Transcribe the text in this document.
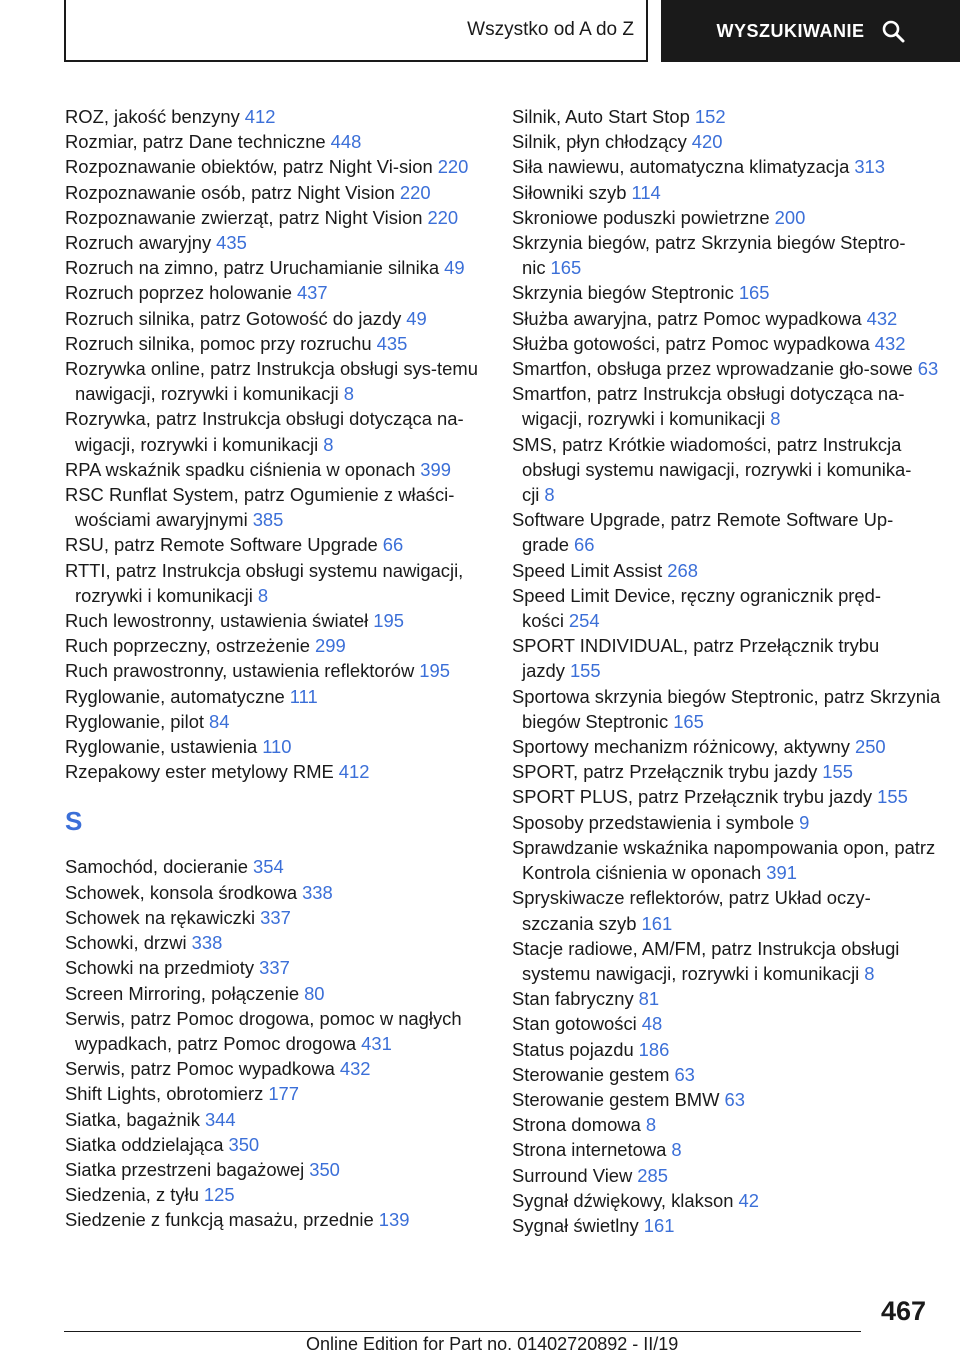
Wszystko od A do Z	WYSZUKIWANIE

ROZ, jakość benzyny 412

Rozmiar, patrz Dane techniczne 448

Rozpoznawanie obiektów, patrz Night Vi-sion 220

Rozpoznawanie osób, patrz Night Vision 220

Rozpoznawanie zwierząt, patrz Night Vision 220

Rozruch awaryjny 435

Rozruch na zimno, patrz Uruchamianie silnika 49

Rozruch poprzez holowanie 437

Rozruch silnika, patrz Gotowość do jazdy 49

Rozruch silnika, pomoc przy rozruchu 435

Rozrywka online, patrz Instrukcja obsługi sys-temu nawigacji, rozrywki i komunikacji 8

Rozrywka, patrz Instrukcja obsługi dotycząca na-wigacji, rozrywki i komunikacji 8

RPA wskaźnik spadku ciśnienia w oponach 399

RSC Runflat System, patrz Ogumienie z właści-wościami awaryjnymi 385

RSU, patrz Remote Software Upgrade 66

RTTI, patrz Instrukcja obsługi systemu nawigacji, rozrywki i komunikacji 8

Ruch lewostronny, ustawienia świateł 195

Ruch poprzeczny, ostrzeżenie 299

Ruch prawostronny, ustawienia reflektorów 195

Ryglowanie, automatyczne 111

Ryglowanie, pilot 84

Ryglowanie, ustawienia 110

Rzepakowy ester metylowy RME 412

S

Samochód, docieranie 354

Schowek, konsola środkowa 338

Schowek na rękawiczki 337

Schowki, drzwi 338

Schowki na przedmioty 337

Screen Mirroring, połączenie 80

Serwis, patrz Pomoc drogowa, pomoc w nagłych wypadkach, patrz Pomoc drogowa 431

Serwis, patrz Pomoc wypadkowa 432

Shift Lights, obrotomierz 177

Siatka, bagażnik 344

Siatka oddzielająca 350

Siatka przestrzeni bagażowej 350

Siedzenia, z tyłu 125

Siedzenie z funkcją masażu, przednie 139

Silnik, Auto Start Stop 152

Silnik, płyn chłodzący 420

Siła nawiewu, automatyczna klimatyzacja 313

Siłowniki szyb 114

Skroniowe poduszki powietrzne 200

Skrzynia biegów, patrz Skrzynia biegów Steptro-nic 165

Skrzynia biegów Steptronic 165

Służba awaryjna, patrz Pomoc wypadkowa 432

Służba gotowości, patrz Pomoc wypadkowa 432

Smartfon, obsługa przez wprowadzanie gło-sowe 63

Smartfon, patrz Instrukcja obsługi dotycząca na-wigacji, rozrywki i komunikacji 8

SMS, patrz Krótkie wiadomości, patrz Instrukcja obsługi systemu nawigacji, rozrywki i komunika-cji 8

Software Upgrade, patrz Remote Software Up-grade 66

Speed Limit Assist 268

Speed Limit Device, ręczny ogranicznik pręd-kości 254

SPORT INDIVIDUAL, patrz Przełącznik trybu jazdy 155

Sportowa skrzynia biegów Steptronic, patrz Skrzynia biegów Steptronic 165

Sportowy mechanizm różnicowy, aktywny 250

SPORT, patrz Przełącznik trybu jazdy 155

SPORT PLUS, patrz Przełącznik trybu jazdy 155

Sposoby przedstawienia i symbole 9

Sprawdzanie wskaźnika napompowania opon, patrz Kontrola ciśnienia w oponach 391

Spryskiwacze reflektorów, patrz Układ oczy-szczania szyb 161

Stacje radiowe, AM/FM, patrz Instrukcja obsługi systemu nawigacji, rozrywki i komunikacji 8

Stan fabryczny 81

Stan gotowości 48

Status pojazdu 186

Sterowanie gestem 63

Sterowanie gestem BMW 63

Strona domowa 8

Strona internetowa 8

Surround View 285

Sygnał dźwiękowy, klakson 42

Sygnał świetlny 161

467
Online Edition for Part no. 01402720892 - II/19
